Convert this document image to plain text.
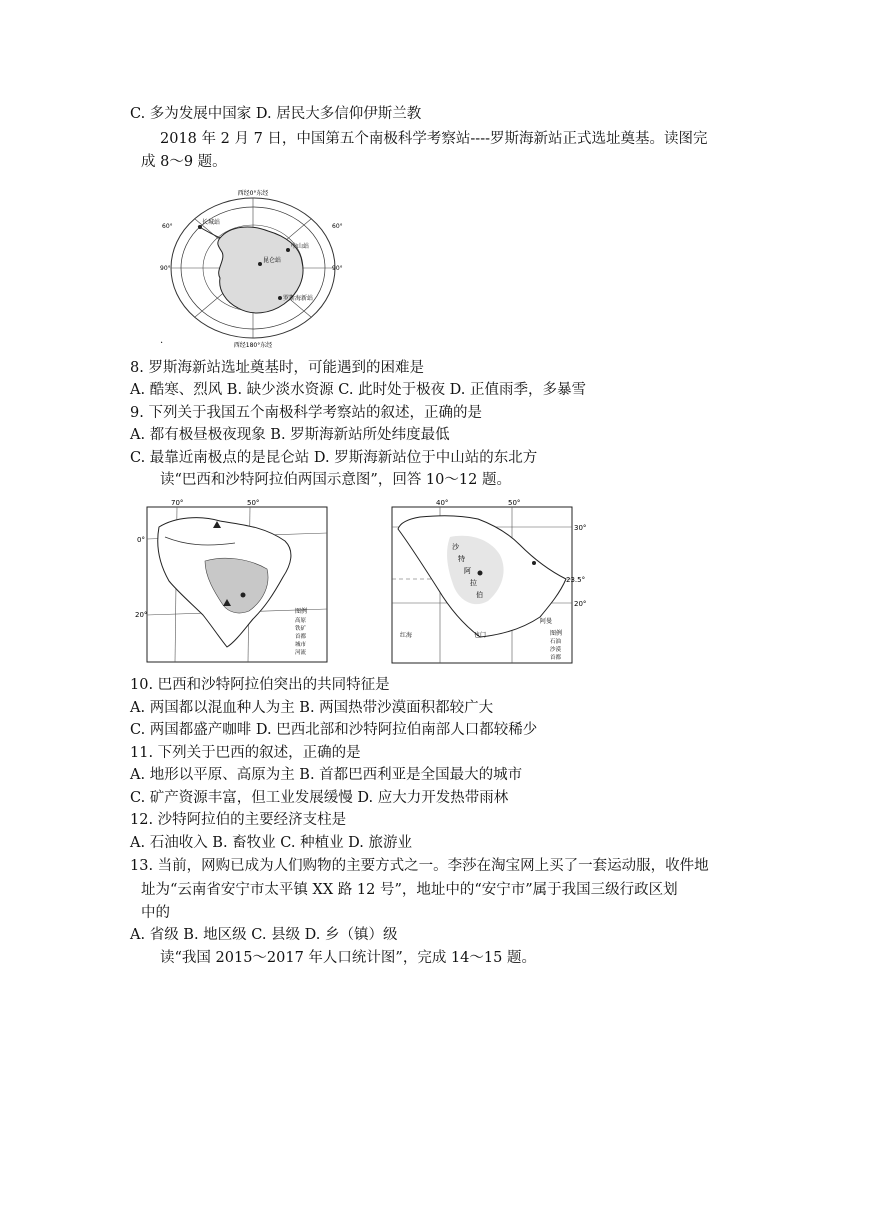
C. 多为发展中国家 D. 居民大多信仰伊斯兰教
2018 年 2 月 7 日，中国第五个南极科学考察站----罗斯海新站正式选址奠基。读图完
成 8～9 题。
西经0°东经
西经180°东经
60°
90°
60°
90°
长城站
中山站
昆仑站
罗斯海新站
.
8. 罗斯海新站选址奠基时，可能遇到的困难是
A. 酷寒、烈风 B. 缺少淡水资源 C. 此时处于极夜 D. 正值雨季，多暴雪
9. 下列关于我国五个南极科学考察站的叙述，正确的是
A. 都有极昼极夜现象 B. 罗斯海新站所处纬度最低
C. 最靠近南极点的是昆仑站 D. 罗斯海新站位于中山站的东北方
读“巴西和沙特阿拉伯两国示意图”，回答 10～12 题。
70°	50°
0°
20°	图例
高原
铁矿
首都
城市
河流
40°	50°
30°
23.5°
20°
沙
特
阿
拉
伯
也门
阿曼
红海	图例
石油
沙漠
首都
10. 巴西和沙特阿拉伯突出的共同特征是
A. 两国都以混血种人为主 B. 两国热带沙漠面积都较广大
C. 两国都盛产咖啡 D. 巴西北部和沙特阿拉伯南部人口都较稀少
11. 下列关于巴西的叙述，正确的是
A. 地形以平原、高原为主 B. 首都巴西利亚是全国最大的城市
C. 矿产资源丰富，但工业发展缓慢 D. 应大力开发热带雨林
12. 沙特阿拉伯的主要经济支柱是
A. 石油收入 B. 畜牧业 C. 种植业 D. 旅游业
13. 当前，网购已成为人们购物的主要方式之一。李莎在淘宝网上买了一套运动服，收件地
址为“云南省安宁市太平镇 XX 路 12 号”，地址中的“安宁市”属于我国三级行政区划
中的
A. 省级 B. 地区级 C. 县级 D. 乡（镇）级
读“我国 2015～2017 年人口统计图”，完成 14～15 题。
